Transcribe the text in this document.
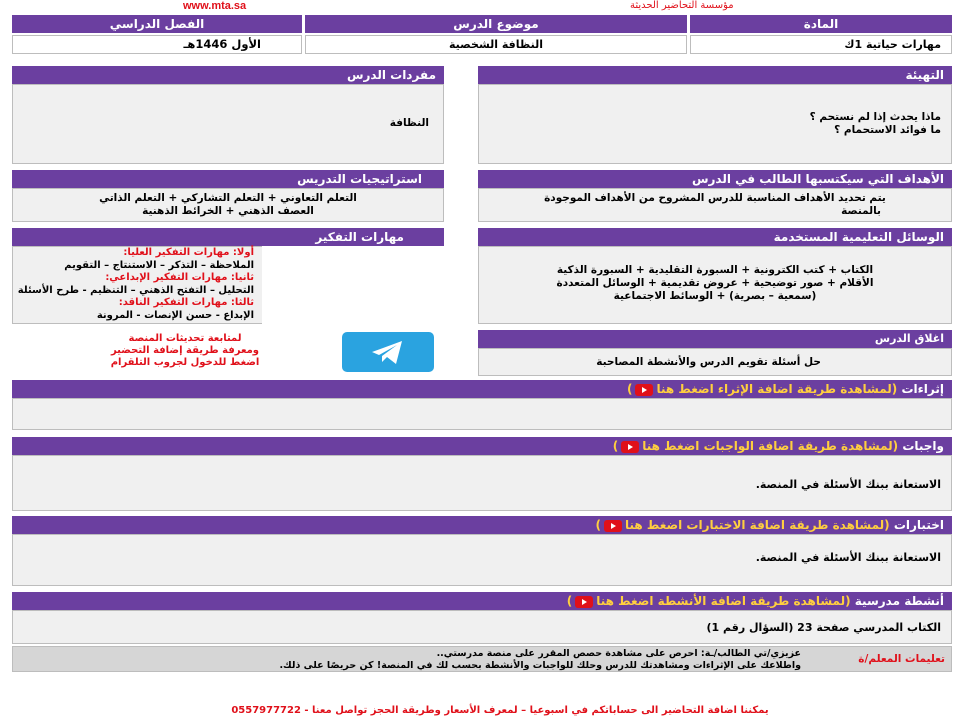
www.mta.sa	مؤسسة التحاضير الحديثة
المادة
موضوع الدرس
الفصل الدراسي
مهارات حياتية 1ك
النظافة الشخصية
الأول 1446هـ
التهيئة
ماذا يحدث إذا لم نستحم ؟
ما فوائد الاستحمام ؟
مفردات الدرس
النظافة
الأهداف التي سيكتسبها الطالب في الدرس
يتم تحديد الأهداف المناسبة للدرس المشروح من الأهداف الموجودة
بالمنصة
استراتيجيات التدريس
التعلم التعاوني + التعلم التشاركي + التعلم الذاتي
العصف الذهني + الخرائط الذهنية
الوسائل التعليمية المستخدمة
الكتاب + كتب الكترونية + السبورة التقليدية + السبورة الذكية
الأقلام + صور توضيحية + عروض تقديمية + الوسائل المتعددة
(سمعية – بصرية) + الوسائط الاجتماعية
مهارات التفكير
أولا: مهارات التفكير العليا:
الملاحظة – التذكر – الاستنتاج – التقويم
ثانيا: مهارات التفكير الإبداعي:
التحليل – التفتح الذهني – التنظيم - طرح الأسئلة
ثالثا: مهارات التفكير الناقد:
الإبداع - حسن الإنصات - المرونة
لمتابعة تحديثات المنصة
ومعرفة طريقة إضافة التحضير
اضغط للدخول لجروب التلقرام
اغلاق الدرس
حل أسئلة تقويم الدرس والأنشطة المصاحبة
إثراءات (لمشاهدة طريقة اضافة الإثراء اضغط هنا)
واجبات (لمشاهدة طريقة اضافة الواجبات اضغط هنا)
الاستعانة ببنك الأسئلة في المنصة.
اختبارات (لمشاهدة طريقة اضافة الاختبارات اضغط هنا)
الاستعانة ببنك الأسئلة في المنصة.
أنشطة مدرسية (لمشاهدة طريقة اضافة الأنشطة اضغط هنا)
الكتاب المدرسي صفحة 23 (السؤال رقم 1)
تعليمات المعلم/ة
عزيزي/تي الطالب/ـة: احرص على مشاهدة حصص المقرر على منصة مدرستي..
واطلاعك على الإثراءات ومشاهدتك للدرس وحلك للواجبات والأنشطة بحسب لك في المنصة! كن حريصًا على ذلك.
يمكننا اضافة التحاضير الى حساباتكم في اسبوعيا – لمعرف الأسعار وطريقة الحجز تواصل معنا - 0557977722
